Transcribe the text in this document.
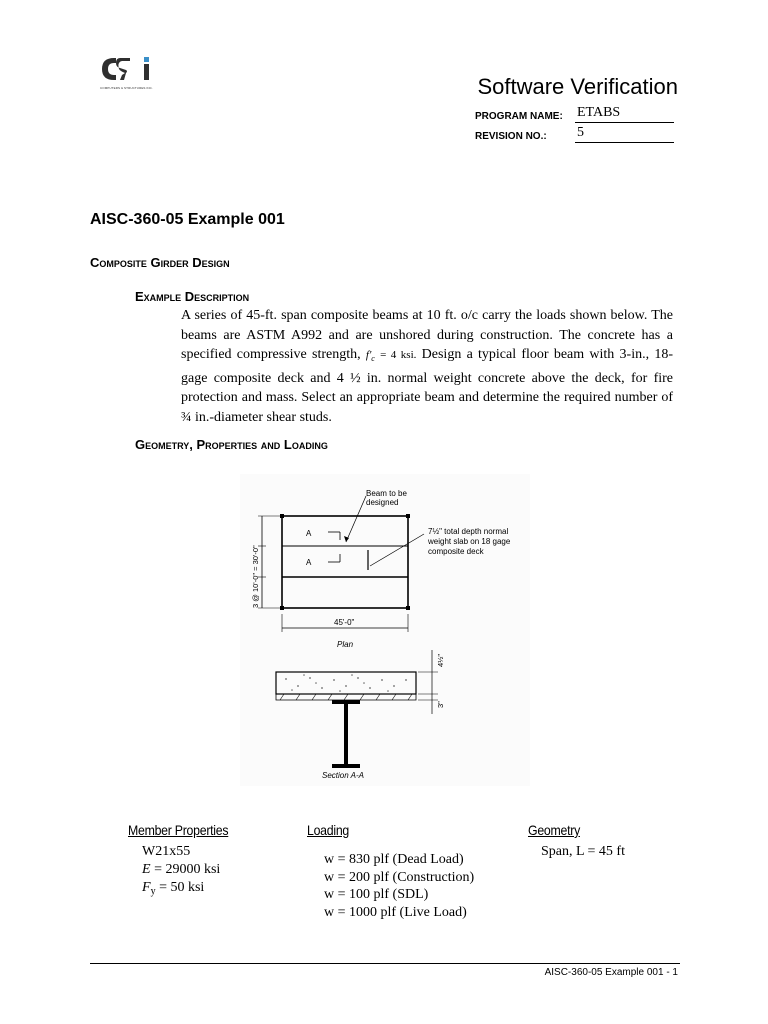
COMPUTERS & STRUCTURES INC.	Software Verification
PROGRAM NAME: ETABS
REVISION NO.: 5
AISC-360-05 Example 001
Composite Girder Design
Example Description

A series of 45-ft. span composite beams at 10 ft. o/c carry the loads shown below. The beams are ASTM A992 and are unshored during construction. The concrete has a specified compressive strength, $f'_c = 4$ ksi. Design a typical floor beam with 3-in., 18-gage composite deck and 4 ½ in. normal weight concrete above the deck, for fire protection and mass. Select an appropriate beam and determine the required number of ¾ in.-diameter shear studs.

Geometry, Properties and Loading
Beam to be
designed
7½" total depth normal
weight slab on 18 gage
composite deck
A
A
3 @ 10'-0" = 30'-0"
45'-0"
Plan
4½"
3"
Section A-A
Member Properties	Loading	Geometry
W21x55
E = 29000 ksi
$F_y = 50$ ksi
w = 830 plf (Dead Load)
w = 200 plf (Construction)
w = 100 plf (SDL)
w = 1000 plf (Live Load)
Span, L = 45 ft
AISC-360-05 Example 001 - 1
